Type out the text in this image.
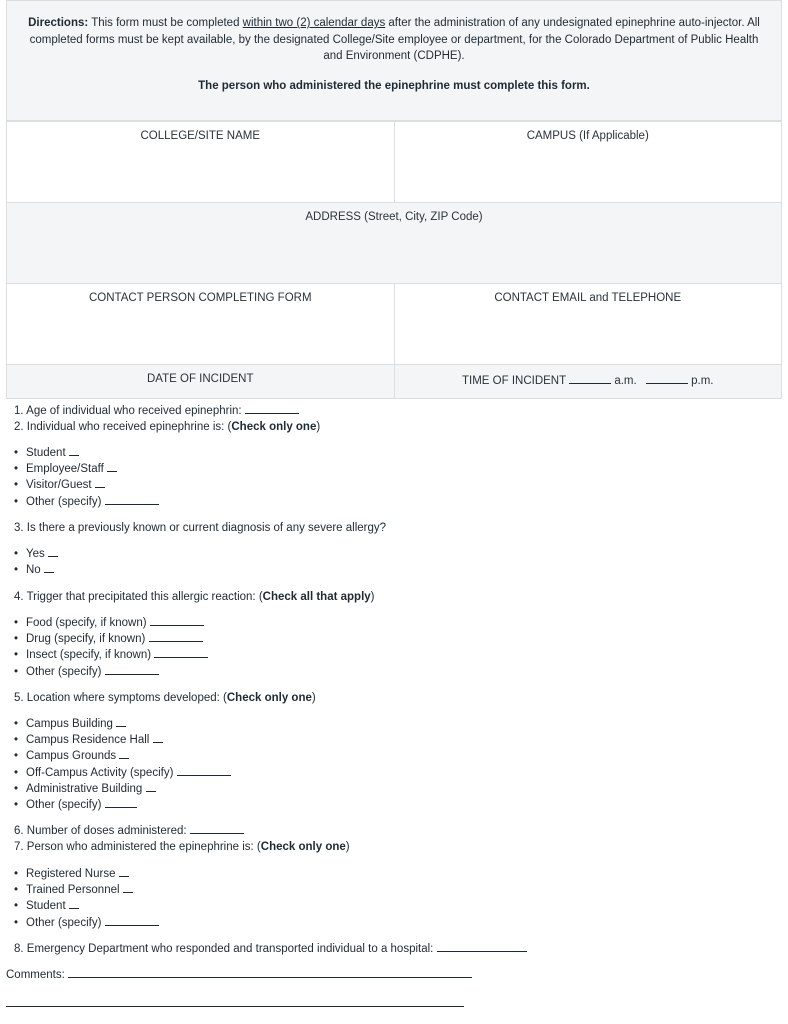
Directions: This form must be completed within two (2) calendar days after the administration of any undesignated epinephrine auto-injector. All completed forms must be kept available, by the designated College/Site employee or department, for the Colorado Department of Public Health and Environment (CDPHE).
The person who administered the epinephrine must complete this form.
COLLEGE/SITE NAME	CAMPUS (If Applicable)
ADDRESS (Street, City, ZIP Code)	
CONTACT PERSON COMPLETING FORM	CONTACT EMAIL and TELEPHONE
DATE OF INCIDENT	TIME OF INCIDENT a.m. p.m.

1. Age of individual who received epinephrin:

2. Individual who received epinephrine is: (Check only one)

• Student
• Employee/Staff
• Visitor/Guest
• Other (specify)

3. Is there a previously known or current diagnosis of any severe allergy?

• Yes
• No

4. Trigger that precipitated this allergic reaction: (Check all that apply)

• Food (specify, if known)
• Drug (specify, if known)
• Insect (specify, if known)
• Other (specify)

5. Location where symptoms developed: (Check only one)

• Campus Building
• Campus Residence Hall
• Campus Grounds
• Off-Campus Activity (specify)
• Administrative Building
• Other (specify)

6. Number of doses administered:

7. Person who administered the epinephrine is: (Check only one)

• Registered Nurse
• Trained Personnel
• Student
• Other (specify)

8. Emergency Department who responded and transported individual to a hospital:

Comments:
